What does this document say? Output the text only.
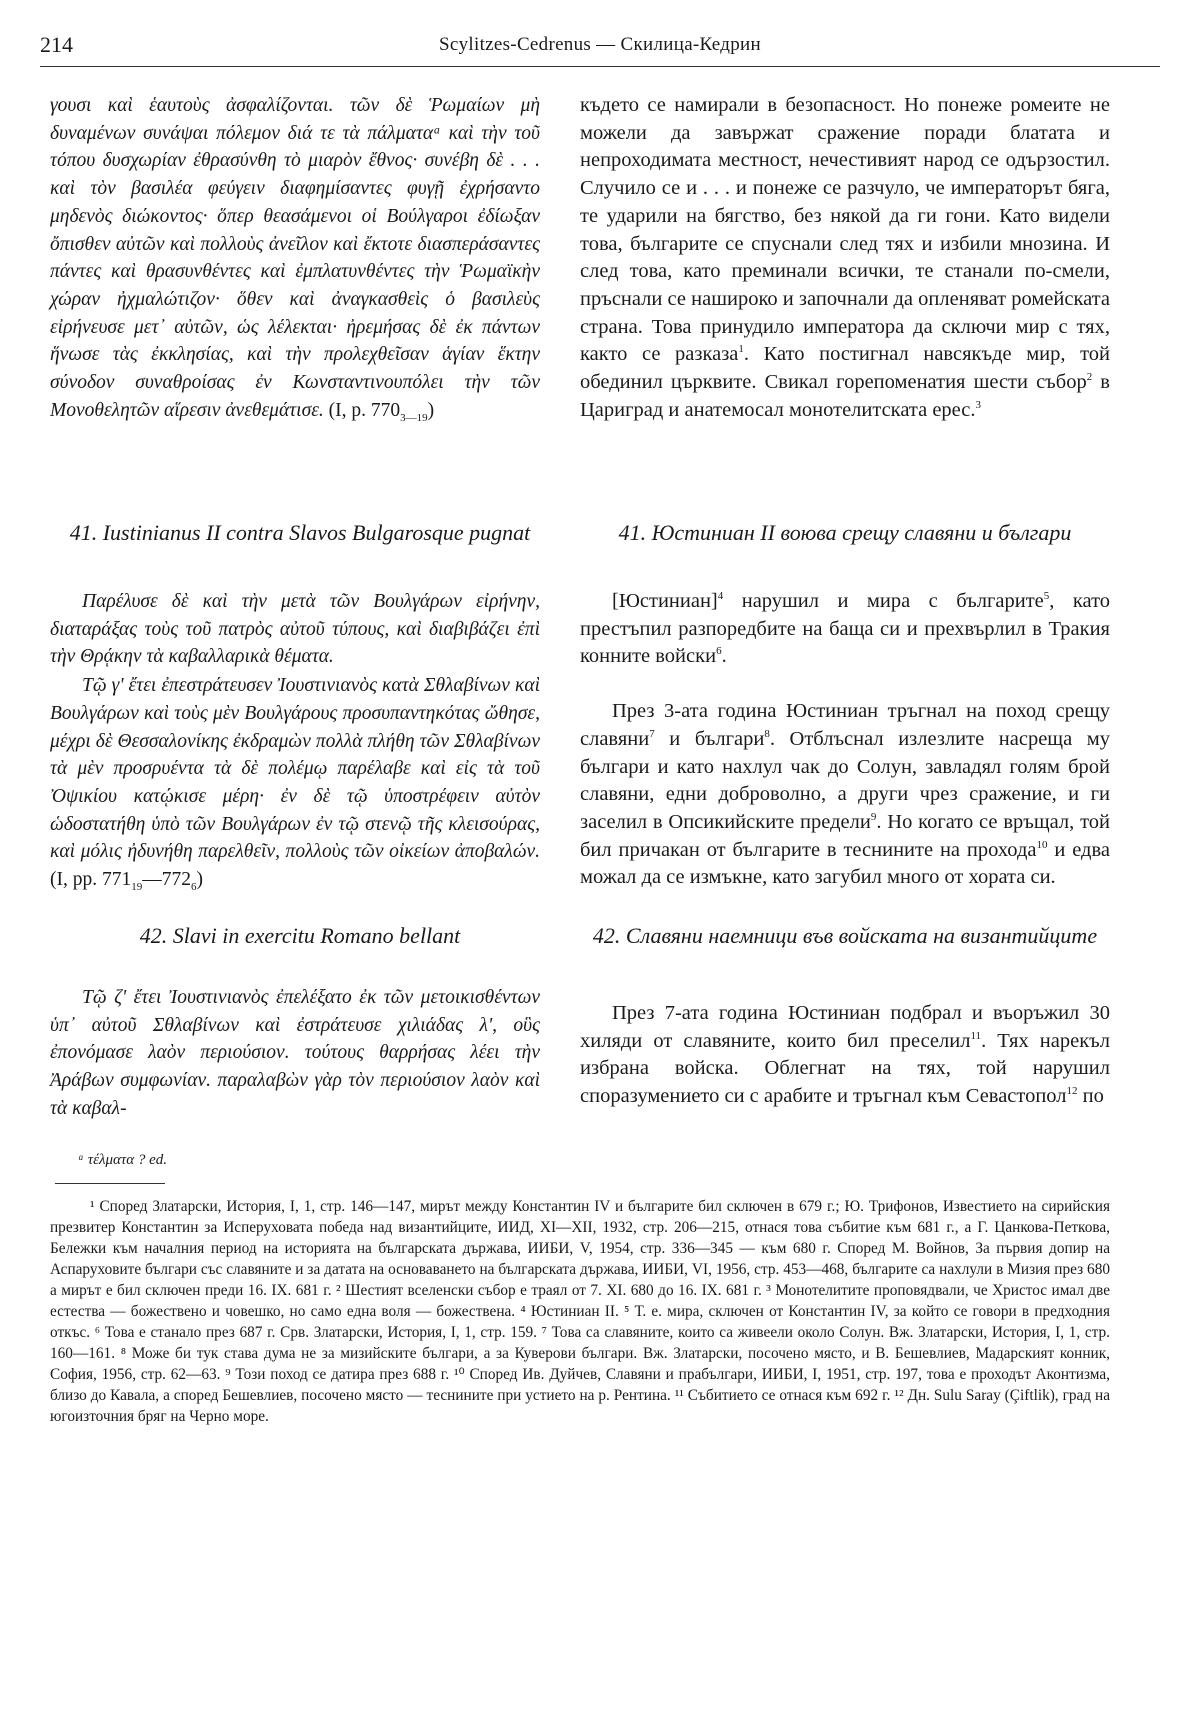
214	Scylitzes-Cedrenus — Скилица-Кедрин

γουσι καὶ ἑαυτοὺς ἀσφαλίζονται. τῶν δὲ Ῥωμαίων μὴ δυναμένων συνάψαι πόλεμον διά τε τὰ πάλματαᵃ καὶ τὴν τοῦ τόπου δυσχωρίαν ἐθρασύνθη τὸ μιαρὸν ἔθνος· συνέβη δὲ . . . καὶ τὸν βασιλέα φεύγειν διαφημίσαντες φυγῇ ἐχρήσαντο μηδενὸς διώκοντος· ὅπερ θεασάμενοι οἱ Βούλγαροι ἐδίωξαν ὄπισθεν αὐτῶν καὶ πολλοὺς ἀνεῖλον καὶ ἔκτοτε διασπεράσαντες πάντες καὶ θρασυνθέντες καὶ ἐμπλατυνθέντες τὴν Ῥωμαϊκὴν χώραν ἠχμαλώτιζον· ὅθεν καὶ ἀναγκασθεὶς ὁ βασιλεὺς εἰρήνευσε μετ᾽ αὐτῶν, ὡς λέλεκται· ἠρεμήσας δὲ ἐκ πάντων ἥνωσε τὰς ἐκκλησίας, καὶ τὴν προλεχθεῖσαν ἁγίαν ἕκτην σύνοδον συναθροίσας ἐν Κωνσταντινουπόλει τὴν τῶν Μονοθελητῶν αἵρεσιν ἀνεθεμάτισε. (I, p. $770_{3—19}$)

където се намирали в безопасност. Но понеже ромеите не можели да завържат сражение поради блатата и непроходимата местност, нечестивият народ се одързостил. Случило се и . . . и понеже се разчуло, че императорът бяга, те ударили на бягство, без някой да ги гони. Като видели това, българите се спуснали след тях и избили мнозина. И след това, като преминали всички, те станали по-смели, пръснали се нашироко и започнали да опленяват ромейската страна. Това принудило императора да сключи мир с тях, както се разказа$^1$. Като постигнал навсякъде мир, той обединил църквите. Свикал горепоменатия шести събор$^2$ в Цариград и анатемосал монотелитската ерес.$^3$

41. Iustinianus II contra Slavos Bulgarosque pugnat	41. Юстиниан II воюва срещу славяни и българи

Παρέλυσε δὲ καὶ τὴν μετὰ τῶν Βουλγάρων εἰρήνην, διαταράξας τοὺς τοῦ πατρὸς αὐτοῦ τύπους, καὶ διαβιβάζει ἐπὶ τὴν Θρᾴκην τὰ καβαλλαρικὰ θέματα.

Τῷ γ' ἔτει ἐπεστράτευσεν Ἰουστινιανὸς κατὰ Σθλαβίνων καὶ Βουλγάρων καὶ τοὺς μὲν Βουλγάρους προσυπαντηκότας ὤθησε, μέχρι δὲ Θεσσαλονίκης ἐκδραμὼν πολλὰ πλήθη τῶν Σθλαβίνων τὰ μὲν προσρυέντα τὰ δὲ πολέμῳ παρέλαβε καὶ εἰς τὰ τοῦ Ὀψικίου κατῴκισε μέρη· ἐν δὲ τῷ ὑποστρέφειν αὐτὸν ὡδοστατήθη ὑπὸ τῶν Βουλγάρων ἐν τῷ στενῷ τῆς κλεισούρας, καὶ μόλις ἠδυνήθη παρελθεῖν, πολλοὺς τῶν οἰκείων ἀποβαλών. (I, pp. $771_{19}—772_6$)

[Юстиниан]$^4$ нарушил и мира с българите$^5$, като престъпил разпоредбите на баща си и прехвърлил в Тракия конните войски$^6$.

През 3-ата година Юстиниан тръгнал на поход срещу славяни$^7$ и българи$^8$. Отблъснал излезлите насреща му българи и като нахлул чак до Солун, завладял голям брой славяни, едни доброволно, а други чрез сражение, и ги заселил в Опсикийските предели$^9$. Но когато се връщал, той бил причакан от българите в теснините на прохода$^{10}$ и едва можал да се измъкне, като загубил много от хората си.

42. Slavi in exercitu Romano bellant	42. Славяни наемници във войската на византийците

Τῷ ζ' ἔτει Ἰουστινιανὸς ἐπελέξατο ἐκ τῶν μετοικισθέντων ὑπ᾽ αὐτοῦ Σθλαβίνων καὶ ἐστράτευσε χιλιάδας λ', οὓς ἐπονόμασε λαὸν περιούσιον. τούτους θαρρήσας λέει τὴν Ἀράβων συμφωνίαν. παραλαβὼν γὰρ τὸν περιούσιον λαὸν καὶ τὰ καβαλ-

През 7-ата година Юстиниан подбрал и въоръжил 30 хиляди от славяните, които бил преселил$^{11}$. Тях нарекъл избрана войска. Облегнат на тях, той нарушил споразумението си с арабите и тръгнал към Севастопол$^{12}$ по

ᵃ τέλματα ? ed.

¹ Според Златарски, История, I, 1, стр. 146—147, мирът между Константин IV и българите бил сключен в 679 г.; Ю. Трифонов, Известието на сирийския презвитер Константин за Исперуховата победа над византийците, ИИД, XI—XII, 1932, стр. 206—215, отнася това събитие към 681 г., а Г. Цанкова-Петкова, Бележки към началния период на историята на българската държава, ИИБИ, V, 1954, стр. 336—345 — към 680 г. Според М. Войнов, За първия допир на Аспаруховите българи със славяните и за датата на основаването на българската държава, ИИБИ, VI, 1956, стр. 453—468, българите са нахлули в Мизия през 680 а мирът е бил сключен преди 16. IX. 681 г. ² Шестият вселенски събор е траял от 7. XI. 680 до 16. IX. 681 г. ³ Монотелитите проповядвали, че Христос имал две естества — божествено и човешко, но само една воля — божествена. ⁴ Юстиниан II. ⁵ Т. е. мира, сключен от Константин IV, за който се говори в предходния откъс. ⁶ Това е станало през 687 г. Срв. Златарски, История, I, 1, стр. 159. ⁷ Това са славяните, които са живеели около Солун. Вж. Златарски, История, I, 1, стр. 160—161. ⁸ Може би тук става дума не за мизийските българи, а за Куверови българи. Вж. Златарски, посочено място, и В. Бешевлиев, Мадарският конник, София, 1956, стр. 62—63. ⁹ Този поход се датира през 688 г. ¹⁰ Според Ив. Дуйчев, Славяни и прабългари, ИИБИ, I, 1951, стр. 197, това е проходът Аконтизма, близо до Кавала, а според Бешевлиев, посочено място — теснините при устието на р. Рентина. ¹¹ Събитието се отнася към 692 г. ¹² Дн. Sulu Saray (Çiftlik), град на югоизточния бряг на Черно море.
